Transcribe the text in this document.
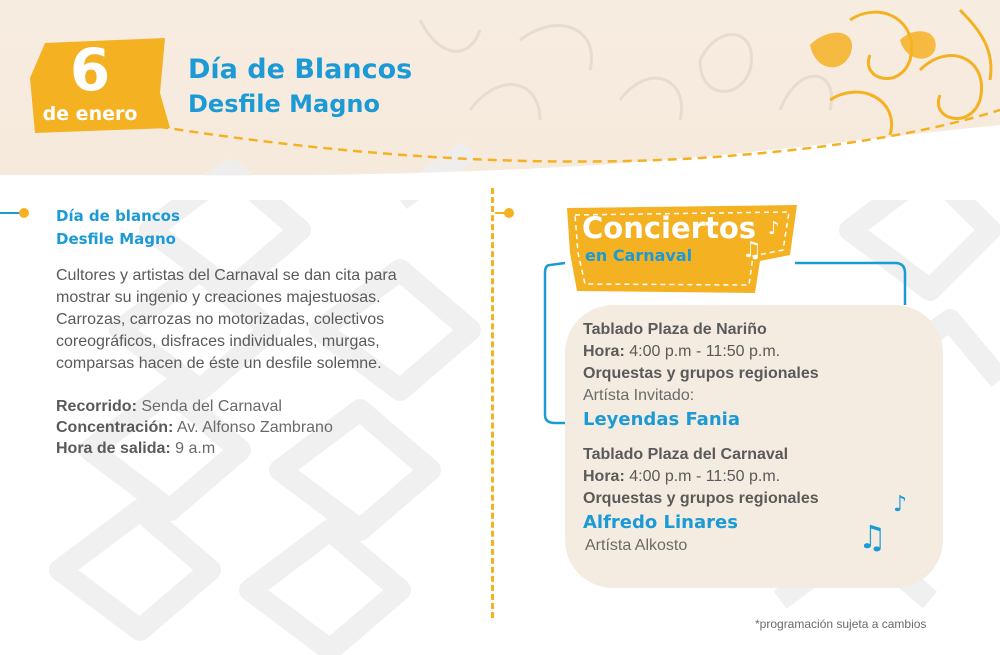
6
de enero
Día de Blancos
Desfile Magno
Día de blancos
Desfile Magno
Cultores y artistas del Carnaval se dan cita para
mostrar su ingenio y creaciones majestuosas.
Carrozas, carrozas no motorizadas, colectivos
coreográficos, disfraces individuales, murgas,
comparsas hacen de éste un desfile solemne.
Recorrido: Senda del Carnaval
Concentración: Av. Alfonso Zambrano
Hora de salida: 9 a.m
Conciertos
en Carnaval
♪
♫
Tablado Plaza de Nariño
Hora: 4:00 p.m - 11:50 p.m.
Orquestas y grupos regionales
Artísta Invitado:
Leyendas Fania
Tablado Plaza del Carnaval
Hora: 4:00 p.m - 11:50 p.m.
Orquestas y grupos regionales
Alfredo Linares
Artísta Alkosto
♪
♫
*programación sujeta a cambios
